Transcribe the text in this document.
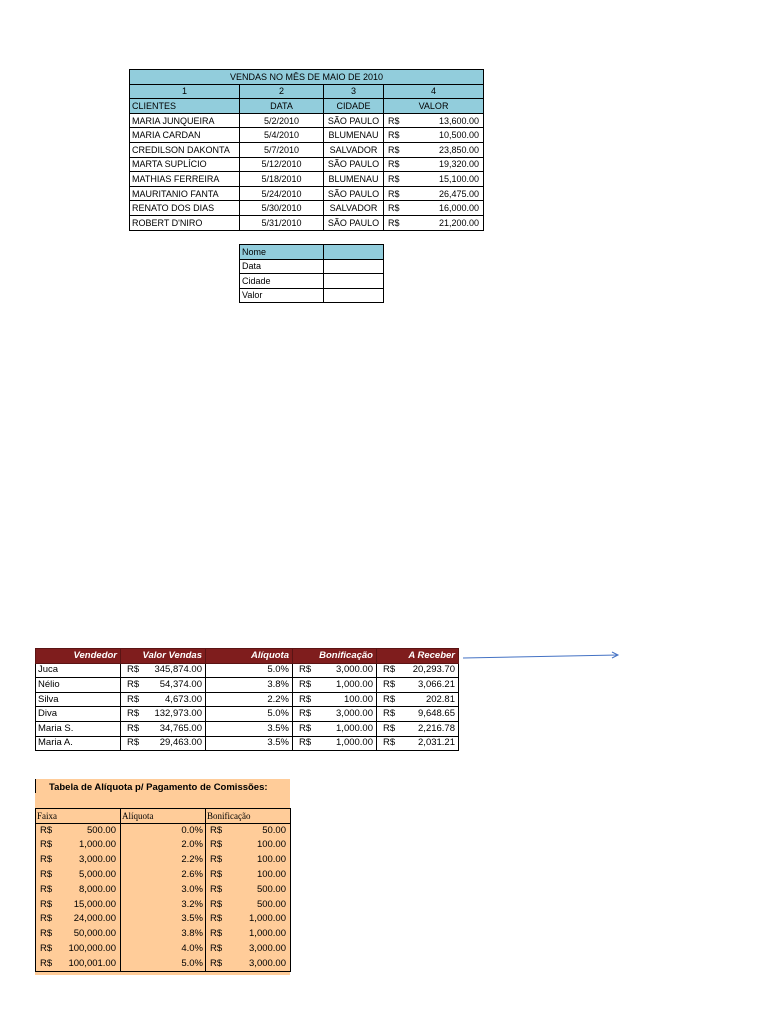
VENDAS NO MÊS DE MAIO DE 2010			
1	2	3	4
CLIENTES	DATA	CIDADE	VALOR
MARIA JUNQUEIRA	5/2/2010	SÃO PAULO	R$ 13,600.00
MARIA CARDAN	5/4/2010	BLUMENAU	R$ 10,500.00
CREDILSON DAKONTA	5/7/2010	SALVADOR	R$ 23,850.00
MARTA SUPLÍCIO	5/12/2010	SÃO PAULO	R$ 19,320.00
MATHIAS FERREIRA	5/18/2010	BLUMENAU	R$ 15,100.00
MAURITANIO FANTA	5/24/2010	SÃO PAULO	R$ 26,475.00
RENATO DOS DIAS	5/30/2010	SALVADOR	R$ 16,000.00
ROBERT D'NIRO	5/31/2010	SÃO PAULO	R$ 21,200.00
Nome	
Data	
Cidade	
Valor	
Vendedor	Valor Vendas	Alíquota	Bonificação	A Receber
Juca	R$ 345,874.00	5.0%	R$ 3,000.00	R$ 20,293.70
Nélio	R$ 54,374.00	3.8%	R$ 1,000.00	R$ 3,066.21
Silva	R$ 4,673.00	2.2%	R$ 100.00	R$ 202.81
Diva	R$ 132,973.00	5.0%	R$ 3,000.00	R$ 9,648.65
Maria S.	R$ 34,765.00	3.5%	R$ 1,000.00	R$ 2,216.78
Maria A.	R$ 29,463.00	3.5%	R$ 1,000.00	R$ 2,031.21
Tabela de Alíquota p/ Pagamento de Comissões:
Faixa	Alíquota	Bonificação

R$ 500.00	0.0%	R$ 50.00

R$ 1,000.00	2.0%	R$ 100.00

R$ 3,000.00	2.2%	R$ 100.00

R$ 5,000.00	2.6%	R$ 100.00

R$ 8,000.00	3.0%	R$ 500.00

R$ 15,000.00	3.2%	R$ 500.00

R$ 24,000.00	3.5%	R$ 1,000.00

R$ 50,000.00	3.8%	R$ 1,000.00

R$ 100,000.00	4.0%	R$ 3,000.00

R$ 100,001.00	5.0%	R$ 3,000.00
